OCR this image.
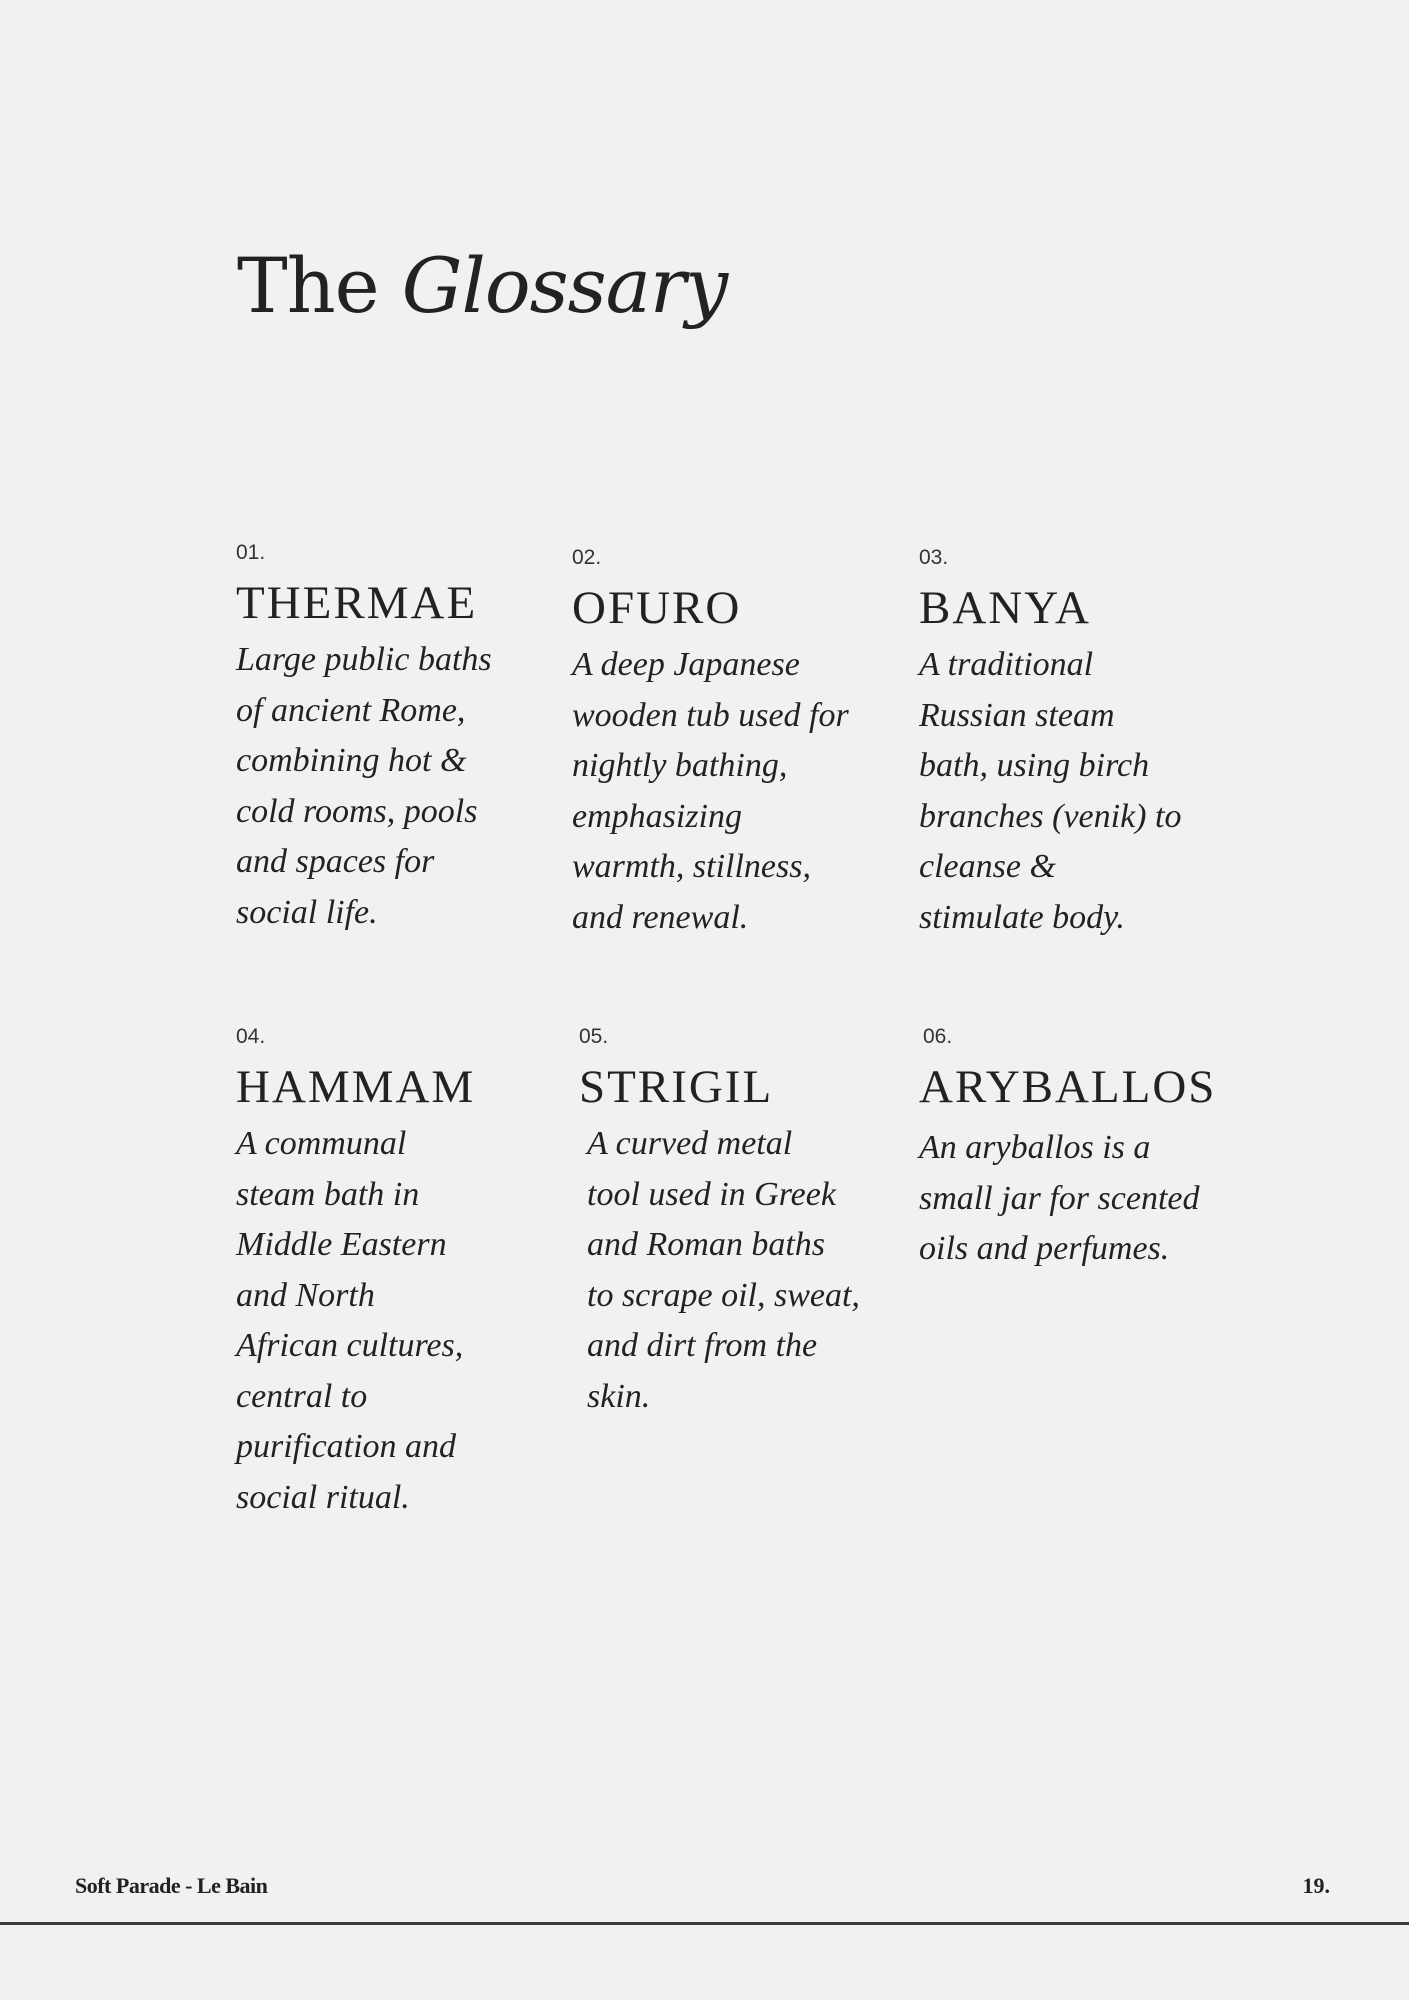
The Glossary
01.
THERMAE
Large public baths
of ancient Rome,
combining hot &
cold rooms, pools
and spaces for
social life.
02.
OFURO
A deep Japanese
wooden tub used for
nightly bathing,
emphasizing
warmth, stillness,
and renewal.
03.
BANYA
A traditional
Russian steam
bath, using birch
branches (venik) to
cleanse &
stimulate body.
04.
HAMMAM
A communal
steam bath in
Middle Eastern
and North
African cultures,
central to
purification and
social ritual.
05.
STRIGIL
A curved metal
tool used in Greek
and Roman baths
to scrape oil, sweat,
and dirt from the
skin.
06.
ARYBALLOS
An aryballos is a
small jar for scented
oils and perfumes.
Soft Parade - Le Bain	19.
